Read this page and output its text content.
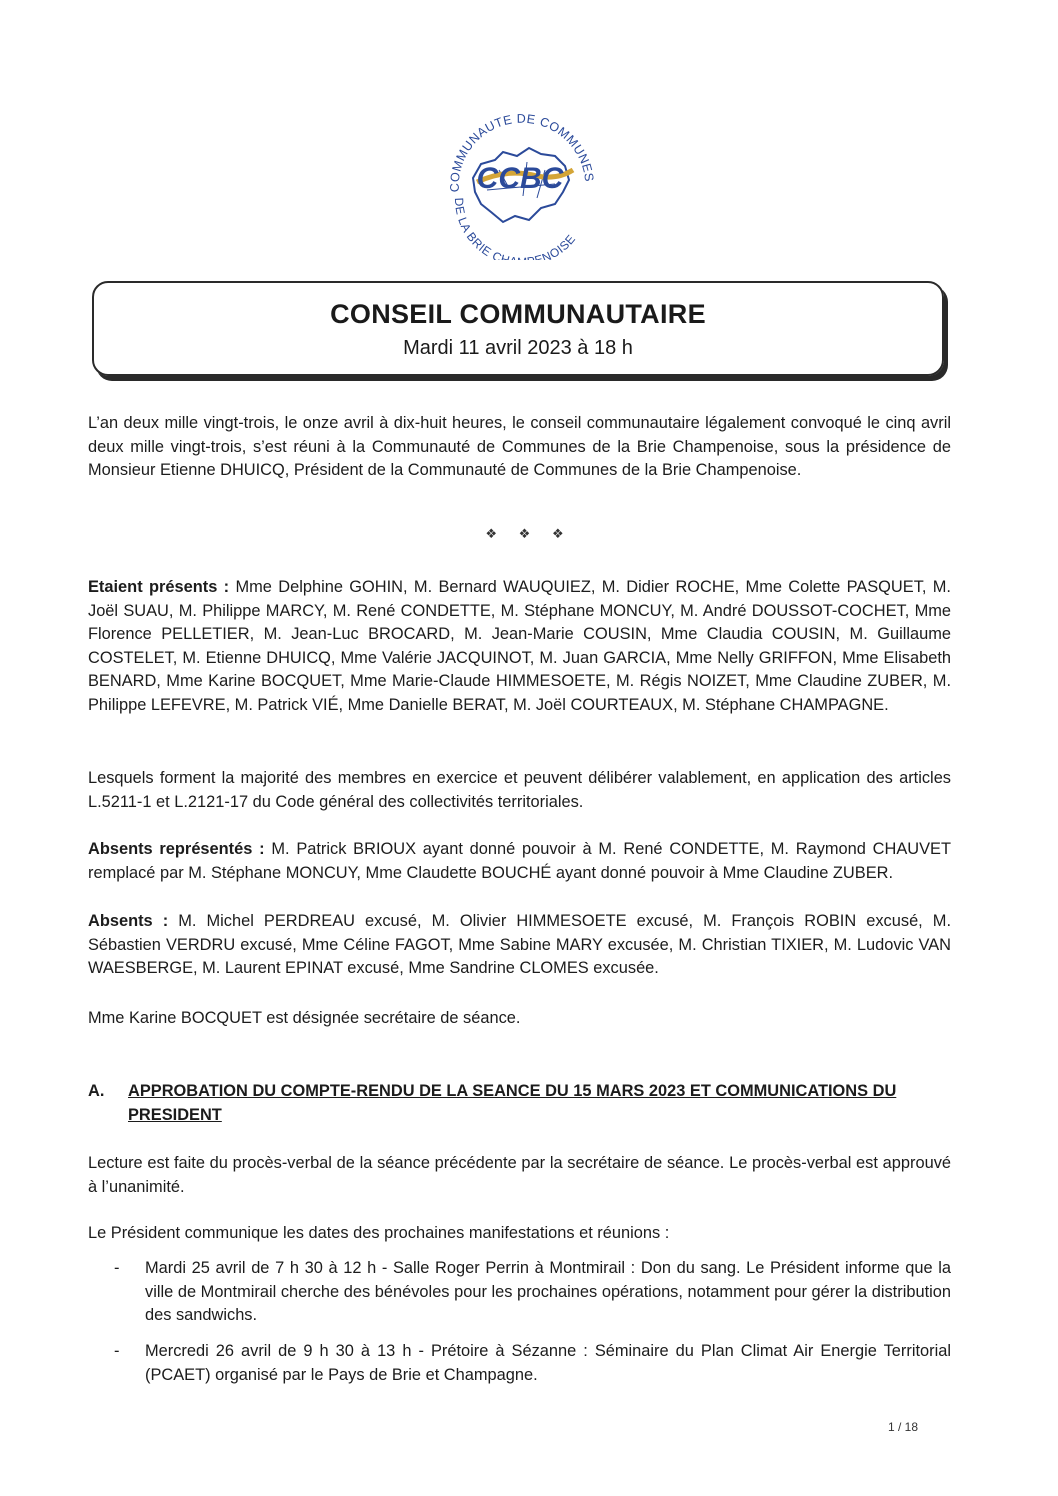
CCBC
COMMUNAUTE DE COMMUNES
DE LA BRIE CH ENOISE
CONSEIL COMMUNAUTAIRE
Mardi 11 avril 2023 à 18 h

L’an deux mille vingt-trois, le onze avril à dix-huit heures, le conseil communautaire légalement convoqué le cinq avril deux mille vingt-trois, s’est réuni à la Communauté de Communes de la Brie Champenoise, sous la présidence de Monsieur Etienne DHUICQ, Président de la Communauté de Communes de la Brie Champenoise.

❖ ❖ ❖

Etaient présents : Mme Delphine GOHIN, M. Bernard WAUQUIEZ, M. Didier ROCHE, Mme Colette PASQUET, M. Joël SUAU, M. Philippe MARCY, M. René CONDETTE, M. Stéphane MONCUY, M. André DOUSSOT-COCHET, Mme Florence PELLETIER, M. Jean-Luc BROCARD, M. Jean-Marie COUSIN, Mme Claudia COUSIN, M. Guillaume COSTELET, M. Etienne DHUICQ, Mme Valérie JACQUINOT, M. Juan GARCIA, Mme Nelly GRIFFON, Mme Elisabeth BENARD, Mme Karine BOCQUET, Mme Marie-Claude HIMMESOETE, M. Régis NOIZET, Mme Claudine ZUBER, M. Philippe LEFEVRE, M. Patrick VIÉ, Mme Danielle BERAT, M. Joël COURTEAUX, M. Stéphane CHAMPAGNE.

Lesquels forment la majorité des membres en exercice et peuvent délibérer valablement, en application des articles L.5211-1 et L.2121-17 du Code général des collectivités territoriales.

Absents représentés : M. Patrick BRIOUX ayant donné pouvoir à M. René CONDETTE, M. Raymond CHAUVET remplacé par M. Stéphane MONCUY, Mme Claudette BOUCHÉ ayant donné pouvoir à Mme Claudine ZUBER.

Absents : M. Michel PERDREAU excusé, M. Olivier HIMMESOETE excusé, M. François ROBIN excusé, M. Sébastien VERDRU excusé, Mme Céline FAGOT, Mme Sabine MARY excusée, M. Christian TIXIER, M. Ludovic VAN WAESBERGE, M. Laurent EPINAT excusé, Mme Sandrine CLOMES excusée.

Mme Karine BOCQUET est désignée secrétaire de séance.

A. APPROBATION DU COMPTE-RENDU DE LA SEANCE DU 15 MARS 2023 ET COMMUNICATIONS DU PRESIDENT

Lecture est faite du procès-verbal de la séance précédente par la secrétaire de séance. Le procès-verbal est approuvé à l’unanimité.

Le Président communique les dates des prochaines manifestations et réunions :

- Mardi 25 avril de 7 h 30 à 12 h - Salle Roger Perrin à Montmirail : Don du sang. Le Président informe que la ville de Montmirail cherche des bénévoles pour les prochaines opérations, notamment pour gérer la distribution des sandwichs.
- Mercredi 26 avril de 9 h 30 à 13 h - Prétoire à Sézanne : Séminaire du Plan Climat Air Energie Territorial (PCAET) organisé par le Pays de Brie et Champagne.
1 / 18
